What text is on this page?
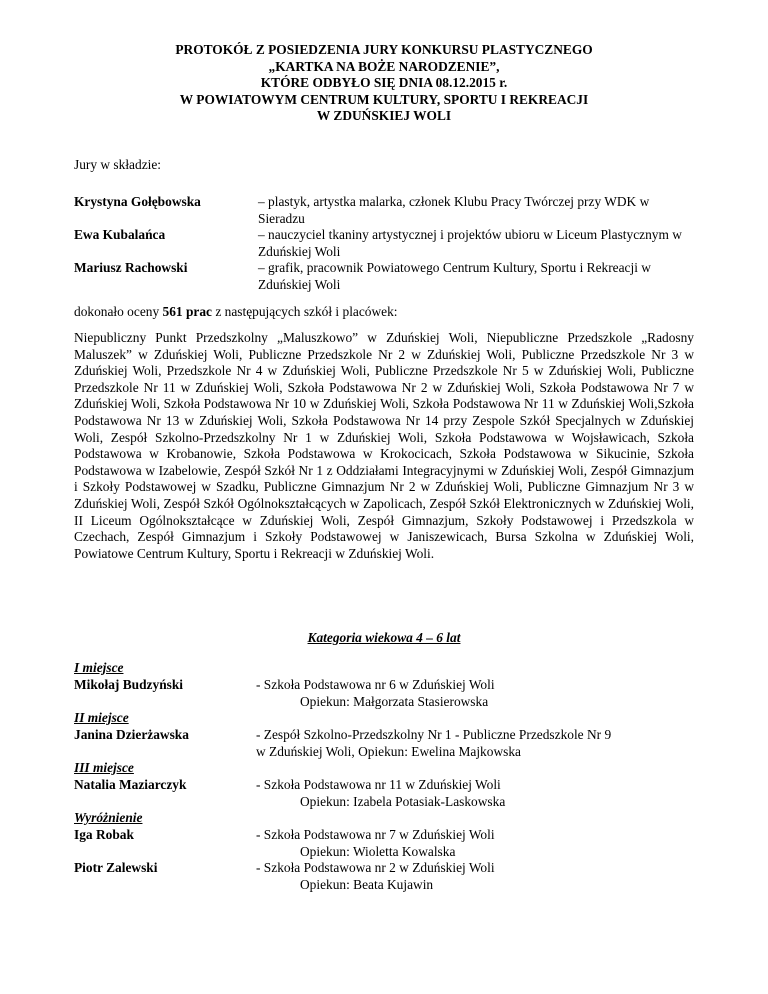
PROTOKÓŁ Z POSIEDZENIA JURY KONKURSU PLASTYCZNEGO
„KARTKA NA BOŻE NARODZENIE”,
KTÓRE ODBYŁO SIĘ DNIA 08.12.2015 r.
W POWIATOWYM CENTRUM KULTURY, SPORTU I REKREACJI
W ZDUŃSKIEJ WOLI
Jury w składzie:
Krystyna Gołębowska	– plastyk, artystka malarka, członek Klubu Pracy Twórczej przy WDK w Sieradzu
Ewa Kubalańca	– nauczyciel tkaniny artystycznej i projektów ubioru w Liceum Plastycznym w Zduńskiej Woli
Mariusz Rachowski	– grafik, pracownik Powiatowego Centrum Kultury, Sportu i Rekreacji w Zduńskiej Woli
dokonało oceny 561 prac z następujących szkół i placówek:
Niepubliczny Punkt Przedszkolny „Maluszkowo” w Zduńskiej Woli, Niepubliczne Przedszkole „Radosny Maluszek” w Zduńskiej Woli, Publiczne Przedszkole Nr 2 w Zduńskiej Woli, Publiczne Przedszkole Nr 3 w Zduńskiej Woli, Przedszkole Nr 4 w Zduńskiej Woli, Publiczne Przedszkole Nr 5 w Zduńskiej Woli, Publiczne Przedszkole Nr 11 w Zduńskiej Woli, Szkoła Podstawowa Nr 2 w Zduńskiej Woli, Szkoła Podstawowa Nr 7 w Zduńskiej Woli, Szkoła Podstawowa Nr 10 w Zduńskiej Woli, Szkoła Podstawowa Nr 11 w Zduńskiej Woli,Szkoła Podstawowa Nr 13 w Zduńskiej Woli, Szkoła Podstawowa Nr 14 przy Zespole Szkół Specjalnych w Zduńskiej Woli, Zespół Szkolno-Przedszkolny Nr 1 w Zduńskiej Woli, Szkoła Podstawowa w Wojsławicach, Szkoła Podstawowa w Krobanowie, Szkoła Podstawowa w Krokocicach, Szkoła Podstawowa w Sikucinie, Szkoła Podstawowa w Izabelowie, Zespół Szkół Nr 1 z Oddziałami Integracyjnymi w Zduńskiej Woli, Zespół Gimnazjum i Szkoły Podstawowej w Szadku, Publiczne Gimnazjum Nr 2 w Zduńskiej Woli, Publiczne Gimnazjum Nr 3 w Zduńskiej Woli, Zespół Szkół Ogólnokształcących w Zapolicach, Zespół Szkół Elektronicznych w Zduńskiej Woli, II Liceum Ogólnokształcące w Zduńskiej Woli, Zespół Gimnazjum, Szkoły Podstawowej i Przedszkola w Czechach, Zespół Gimnazjum i Szkoły Podstawowej w Janiszewicach, Bursa Szkolna w Zduńskiej Woli, Powiatowe Centrum Kultury, Sportu i Rekreacji w Zduńskiej Woli.
Kategoria wiekowa 4 – 6 lat
I miejsce
Mikołaj Budzyński	- Szkoła Podstawowa nr 6 w Zduńskiej Woli
Opiekun: Małgorzata Stasierowska
II miejsce
Janina Dzierżawska	- Zespół Szkolno-Przedszkolny Nr 1 - Publiczne Przedszkole Nr 9
w Zduńskiej Woli, Opiekun: Ewelina Majkowska
III miejsce
Natalia Maziarczyk	- Szkoła Podstawowa nr 11 w Zduńskiej Woli
Opiekun: Izabela Potasiak-Laskowska
Wyróżnienie
Iga Robak	- Szkoła Podstawowa nr 7 w Zduńskiej Woli
Opiekun: Wioletta Kowalska
Piotr Zalewski	- Szkoła Podstawowa nr 2 w Zduńskiej Woli
Opiekun: Beata Kujawin
